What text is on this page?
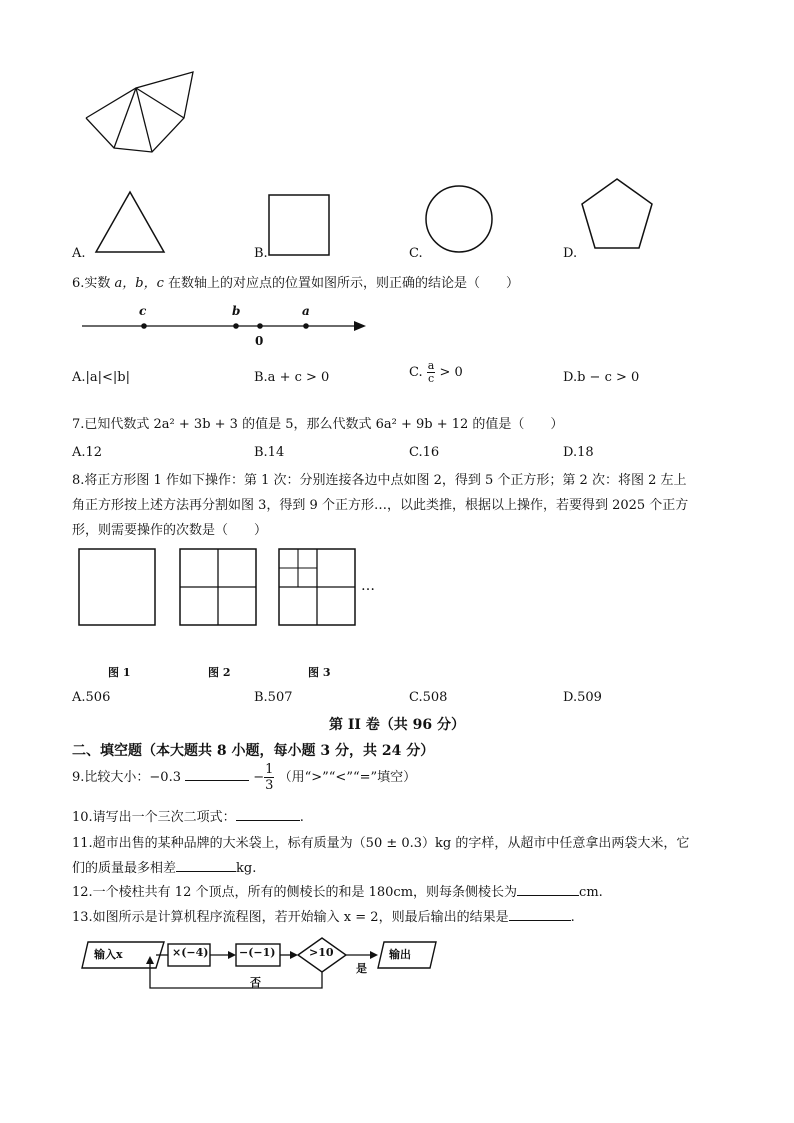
A.	B.	C.	D.
6.实数 a，b，c 在数轴上的对应点的位置如图所示，则正确的结论是（　　）
c	b	a
0
A.|a|<|b|	B.a + c > 0	C. $\frac{a}{c} > 0$	D.b − c > 0
7.已知代数式 2a² + 3b + 3 的值是 5，那么代数式 6a² + 9b + 12 的值是（　　）
A.12	B.14	C.16	D.18
8.将正方形图 1 作如下操作：第 1 次：分别连接各边中点如图 2，得到 5 个正方形；第 2 次：将图 2 左上
角正方形按上述方法再分割如图 3，得到 9 个正方形…，以此类推，根据以上操作，若要得到 2025 个正方
形，则需要操作的次数是（　　）
…
图 1	图 2	图 3
A.506	B.507	C.508	D.509
第 II 卷（共 96 分）
二、填空题（本大题共 8 小题，每小题 3 分，共 24 分）
9.比较大小：−0.3	− $\frac{1}{3}$ （用“>”“<”“=”填空）
10.请写出一个三次二项式：	.
11.超市出售的某种品牌的大米袋上，标有质量为（50 ± 0.3）kg 的字样，从超市中任意拿出两袋大米，它
们的质量最多相差	kg.
12.一个棱柱共有 12 个顶点，所有的侧棱长的和是 180cm，则每条侧棱长为	cm.
13.如图所示是计算机程序流程图，若开始输入 x = 2，则最后输出的结果是	.
输入x	×(−4)	−(−1)	>10
是
否
输出
